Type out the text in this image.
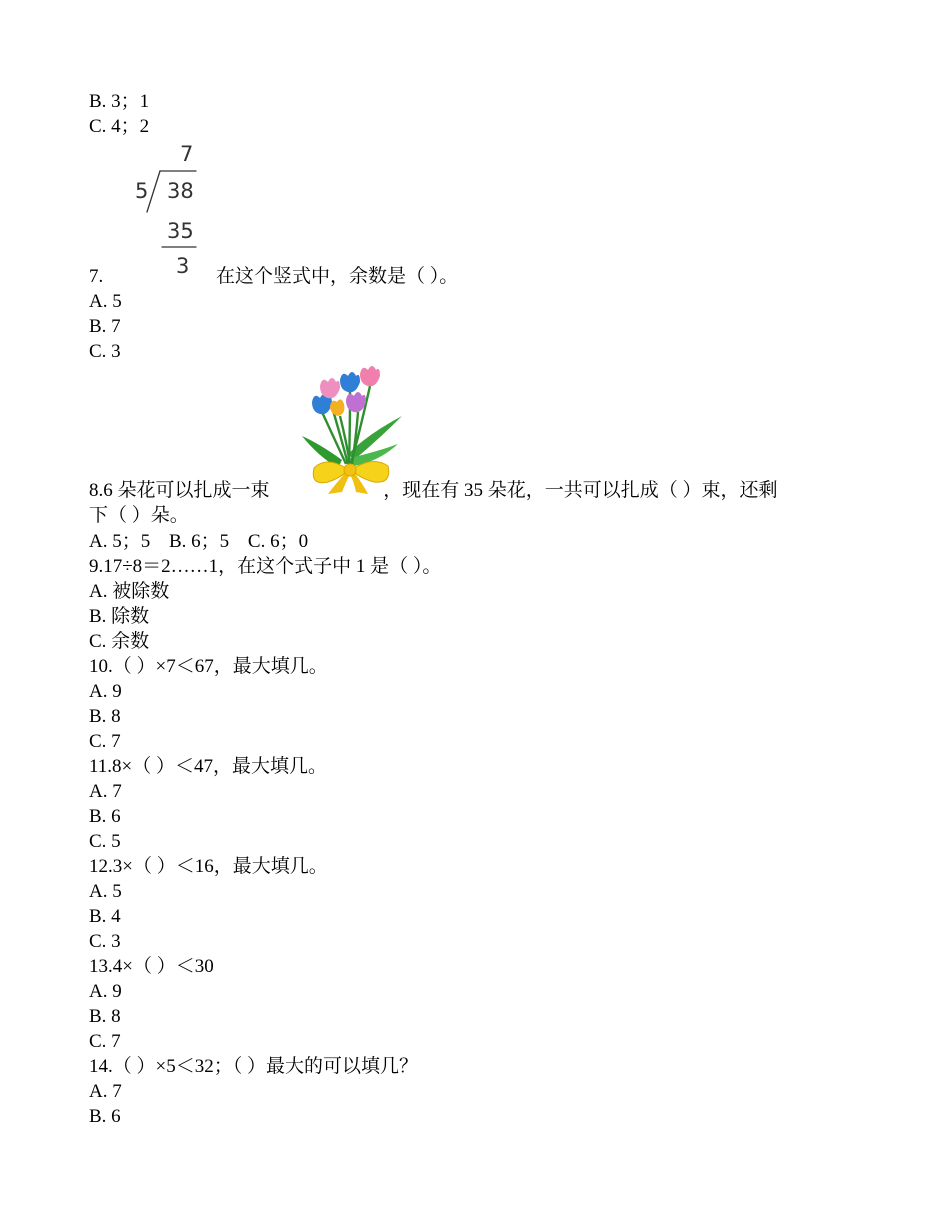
B. 3；1
C. 4；2
7
5 38
35
3
7.	在这个竖式中，余数是（ ）。
A. 5
B. 7
C. 3
8.6 朵花可以扎成一束	，现在有 35 朵花，一共可以扎成（ ）束，还剩
下（ ）朵。
A. 5；5 B. 6；5 C. 6；0
9.17÷8＝2……1，在这个式子中 1 是（ ）。
A. 被除数
B. 除数
C. 余数
10.（ ）×7＜67，最大填几。
A. 9
B. 8
C. 7
11.8×（ ）＜47，最大填几。
A. 7
B. 6
C. 5
12.3×（ ）＜16，最大填几。
A. 5
B. 4
C. 3
13.4×（ ）＜30
A. 9
B. 8
C. 7
14.（ ）×5＜32；（ ）最大的可以填几？
A. 7
B. 6
